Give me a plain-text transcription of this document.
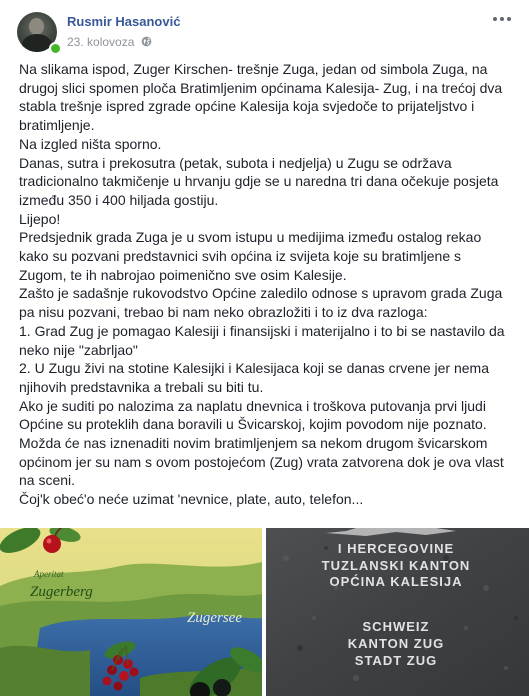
Rusmir Hasanović
23. kolovoza

Na slikama ispod, Zuger Kirschen- trešnje Zuga, jedan od simbola Zuga, na drugoj slici spomen ploča Bratimljenim općinama Kalesija- Zug, i na trećoj dva stabla trešnje ispred zgrade općine Kalesija koja svjedoče to prijateljstvo i bratimljenje.

Na izgled ništa sporno.

Danas, sutra i prekosutra (petak, subota i nedjelja) u Zugu se održava tradicionalno takmičenje u hrvanju gdje se u naredna tri dana očekuje posjeta između 350 i 400 hiljada gostiju.

Lijepo!

Predsjednik grada Zuga je u svom istupu u medijima između ostalog rekao kako su pozvani predstavnici svih općina iz svijeta koje su bratimljene s Zugom, te ih nabrojao poimenično sve osim Kalesije.

Zašto je sadašnje rukovodstvo Općine zaledilo odnose s upravom grada Zuga pa nisu pozvani, trebao bi nam neko obrazložiti i to iz dva razloga:

1. Grad Zug je pomagao Kalesiji i finansijski i materijalno i to bi se nastavilo da neko nije "zabrljao"

2. U Zugu živi na stotine Kalesijki i Kalesijaca koji se danas crvene jer nema njihovih predstavnika a trebali su biti tu.

Ako je suditi po nalozima za naplatu dnevnica i troškova putovanja prvi ljudi Općine su proteklih dana boravili u Švicarskoj, kojim povodom nije poznato.

Možda će nas iznenaditi novim bratimljenjem sa nekom drugom švicarskom općinom jer su nam s ovom postojećom (Zug) vrata zatvorena dok je ova vlast na sceni.

Čoj'k obeć'o neće uzimat 'nevnice, plate, auto, telefon...

Aperitat
Zugerberg
Zugersee
I HERCEGOVINE
TUZLANSKI KANTON
OPĆINA KALESIJA
SCHWEIZ
KANTON ZUG
STADT ZUG
